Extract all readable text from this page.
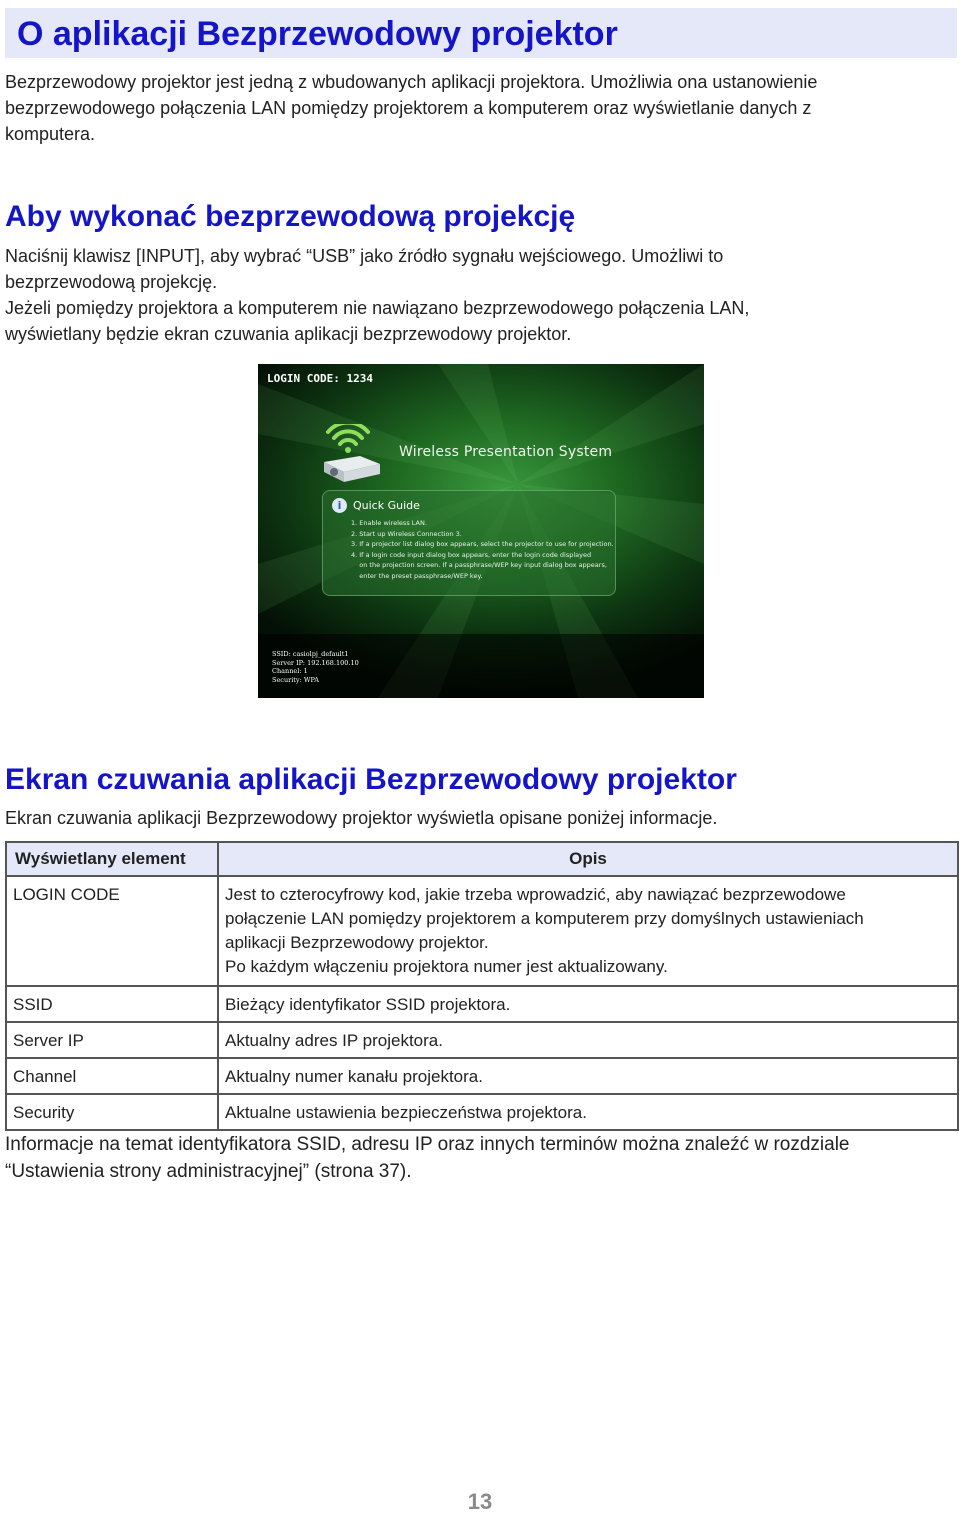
O aplikacji Bezprzewodowy projektor

Bezprzewodowy projektor jest jedną z wbudowanych aplikacji projektora. Umożliwia ona ustanowienie
bezprzewodowego połączenia LAN pomiędzy projektorem a komputerem oraz wyświetlanie danych z
komputera.

Aby wykonać bezprzewodową projekcję

Naciśnij klawisz [INPUT], aby wybrać “USB” jako źródło sygnału wejściowego. Umożliwi to
bezprzewodową projekcję.

Jeżeli pomiędzy projektora a komputerem nie nawiązano bezprzewodowego połączenia LAN,
wyświetlany będzie ekran czuwania aplikacji bezprzewodowy projektor.

LOGIN CODE: 1234
Wireless Presentation System
i	Quick Guide
1. Enable wireless LAN.
2. Start up Wireless Connection 3.
3. If a projector list dialog box appears, select the projector to use for projection.
4. If a login code input dialog box appears, enter the login code displayed
on the projection screen. If a passphrase/WEP key input dialog box appears,
enter the preset passphrase/WEP key.
SSID: casiolpj_default1
Server IP: 192.168.100.10
Channel: 1
Security: WPA
Ekran czuwania aplikacji Bezprzewodowy projektor

Ekran czuwania aplikacji Bezprzewodowy projektor wyświetla opisane poniżej informacje.

Wyświetlany element	Opis
LOGIN CODE	Jest to czterocyfrowy kod, jakie trzeba wprowadzić, aby nawiązać bezprzewodowe
połączenie LAN pomiędzy projektorem a komputerem przy domyślnych ustawieniach
aplikacji Bezprzewodowy projektor.
Po każdym włączeniu projektora numer jest aktualizowany.

SSID	Bieżący identyfikator SSID projektora.

Server IP	Aktualny adres IP projektora.

Channel	Aktualny numer kanału projektora.

Security	Aktualne ustawienia bezpieczeństwa projektora.

Informacje na temat identyfikatora SSID, adresu IP oraz innych terminów można znaleźć w rozdziale
“Ustawienia strony administracyjnej” (strona 37).

13
